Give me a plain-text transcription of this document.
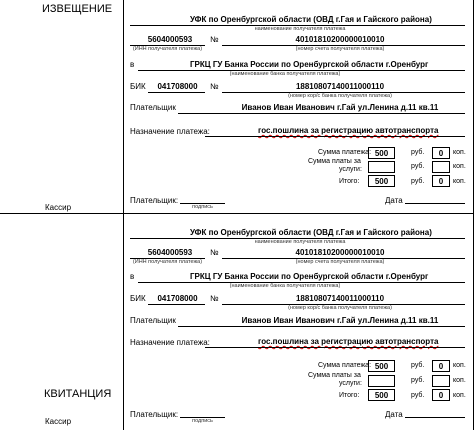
ИЗВЕЩЕНИЕ
Кассир
УФК по Оренбургской области (ОВД г.Гая и Гайского района)
наименование получателя платежа
5604000593
(ИНН получателя платежа)
№	40101810200000010010
(номер счета получателя платежа)
в	ГРКЦ ГУ Банка России по Оренбургской области г.Оренбург
(наименование банка получателя платежа)
БИК	041708000	№	18810807140011000110
(номер кор/с банка получателя платежа)
Плательщик	Иванов Иван Иванович г.Гай ул.Ленина д.11 кв.11
Назначение платежа:	гос.пошлина за регистрацию автотранспорта
Сумма платежа: 500	руб.	0	коп.
Сумма платы за
услуги:	руб.	коп.
Итого:	500	руб.	0	коп.
Плательщик:
подпись
Дата
КВИТАНЦИЯ
Кассир
УФК по Оренбургской области (ОВД г.Гая и Гайского района)
наименование получателя платежа
5604000593
(ИНН получателя платежа)
№	40101810200000010010
(номер счета получателя платежа)
в	ГРКЦ ГУ Банка России по Оренбургской области г.Оренбург
(наименование банка получателя платежа)
БИК	041708000	№	18810807140011000110
(номер кор/с банка получателя платежа)
Плательщик	Иванов Иван Иванович г.Гай ул.Ленина д.11 кв.11
Назначение платежа:	гос.пошлина за регистрацию автотранспорта
Сумма платежа: 500	руб.	0	коп.
Сумма платы за
услуги:	руб.	коп.
Итого:	500	руб.	0	коп.
Плательщик:
подпись
Дата
